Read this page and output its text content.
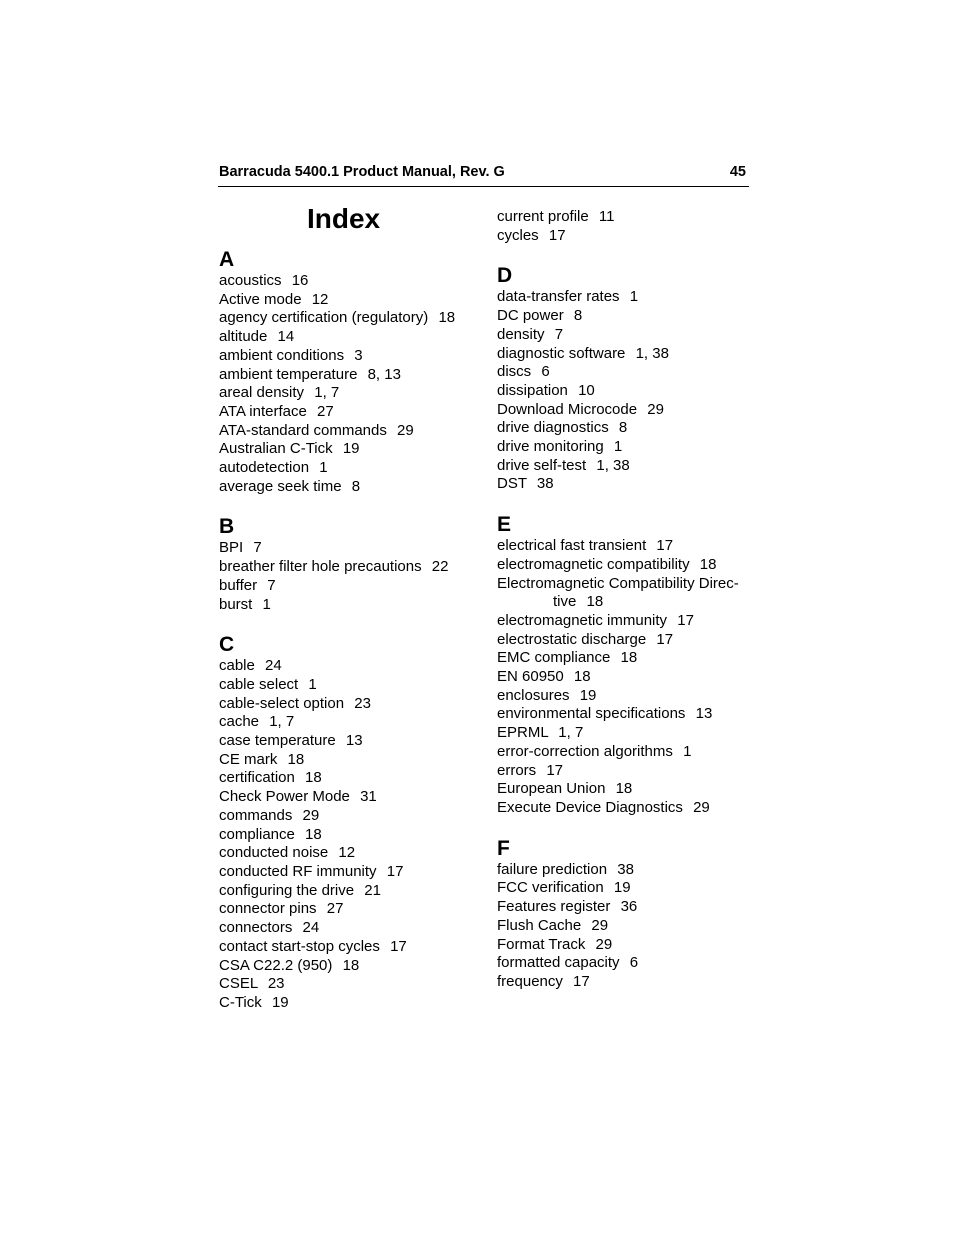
Barracuda 5400.1 Product Manual, Rev. G	45
Index
A
acoustics 16
Active mode 12
agency certification (regulatory) 18
altitude 14
ambient conditions 3
ambient temperature 8, 13
areal density 1, 7
ATA interface 27
ATA-standard commands 29
Australian C-Tick 19
autodetection 1
average seek time 8
B
BPI 7
breather filter hole precautions 22
buffer 7
burst 1
C
cable 24
cable select 1
cable-select option 23
cache 1, 7
case temperature 13
CE mark 18
certification 18
Check Power Mode 31
commands 29
compliance 18
conducted noise 12
conducted RF immunity 17
configuring the drive 21
connector pins 27
connectors 24
contact start-stop cycles 17
CSA C22.2 (950) 18
CSEL 23
C-Tick 19
current profile 11
cycles 17
D
data-transfer rates 1
DC power 8
density 7
diagnostic software 1, 38
discs 6
dissipation 10
Download Microcode 29
drive diagnostics 8
drive monitoring 1
drive self-test 1, 38
DST 38
E
electrical fast transient 17
electromagnetic compatibility 18
Electromagnetic Compatibility Direc-
tive 18
electromagnetic immunity 17
electrostatic discharge 17
EMC compliance 18
EN 60950 18
enclosures 19
environmental specifications 13
EPRML 1, 7
error-correction algorithms 1
errors 17
European Union 18
Execute Device Diagnostics 29
F
failure prediction 38
FCC verification 19
Features register 36
Flush Cache 29
Format Track 29
formatted capacity 6
frequency 17
